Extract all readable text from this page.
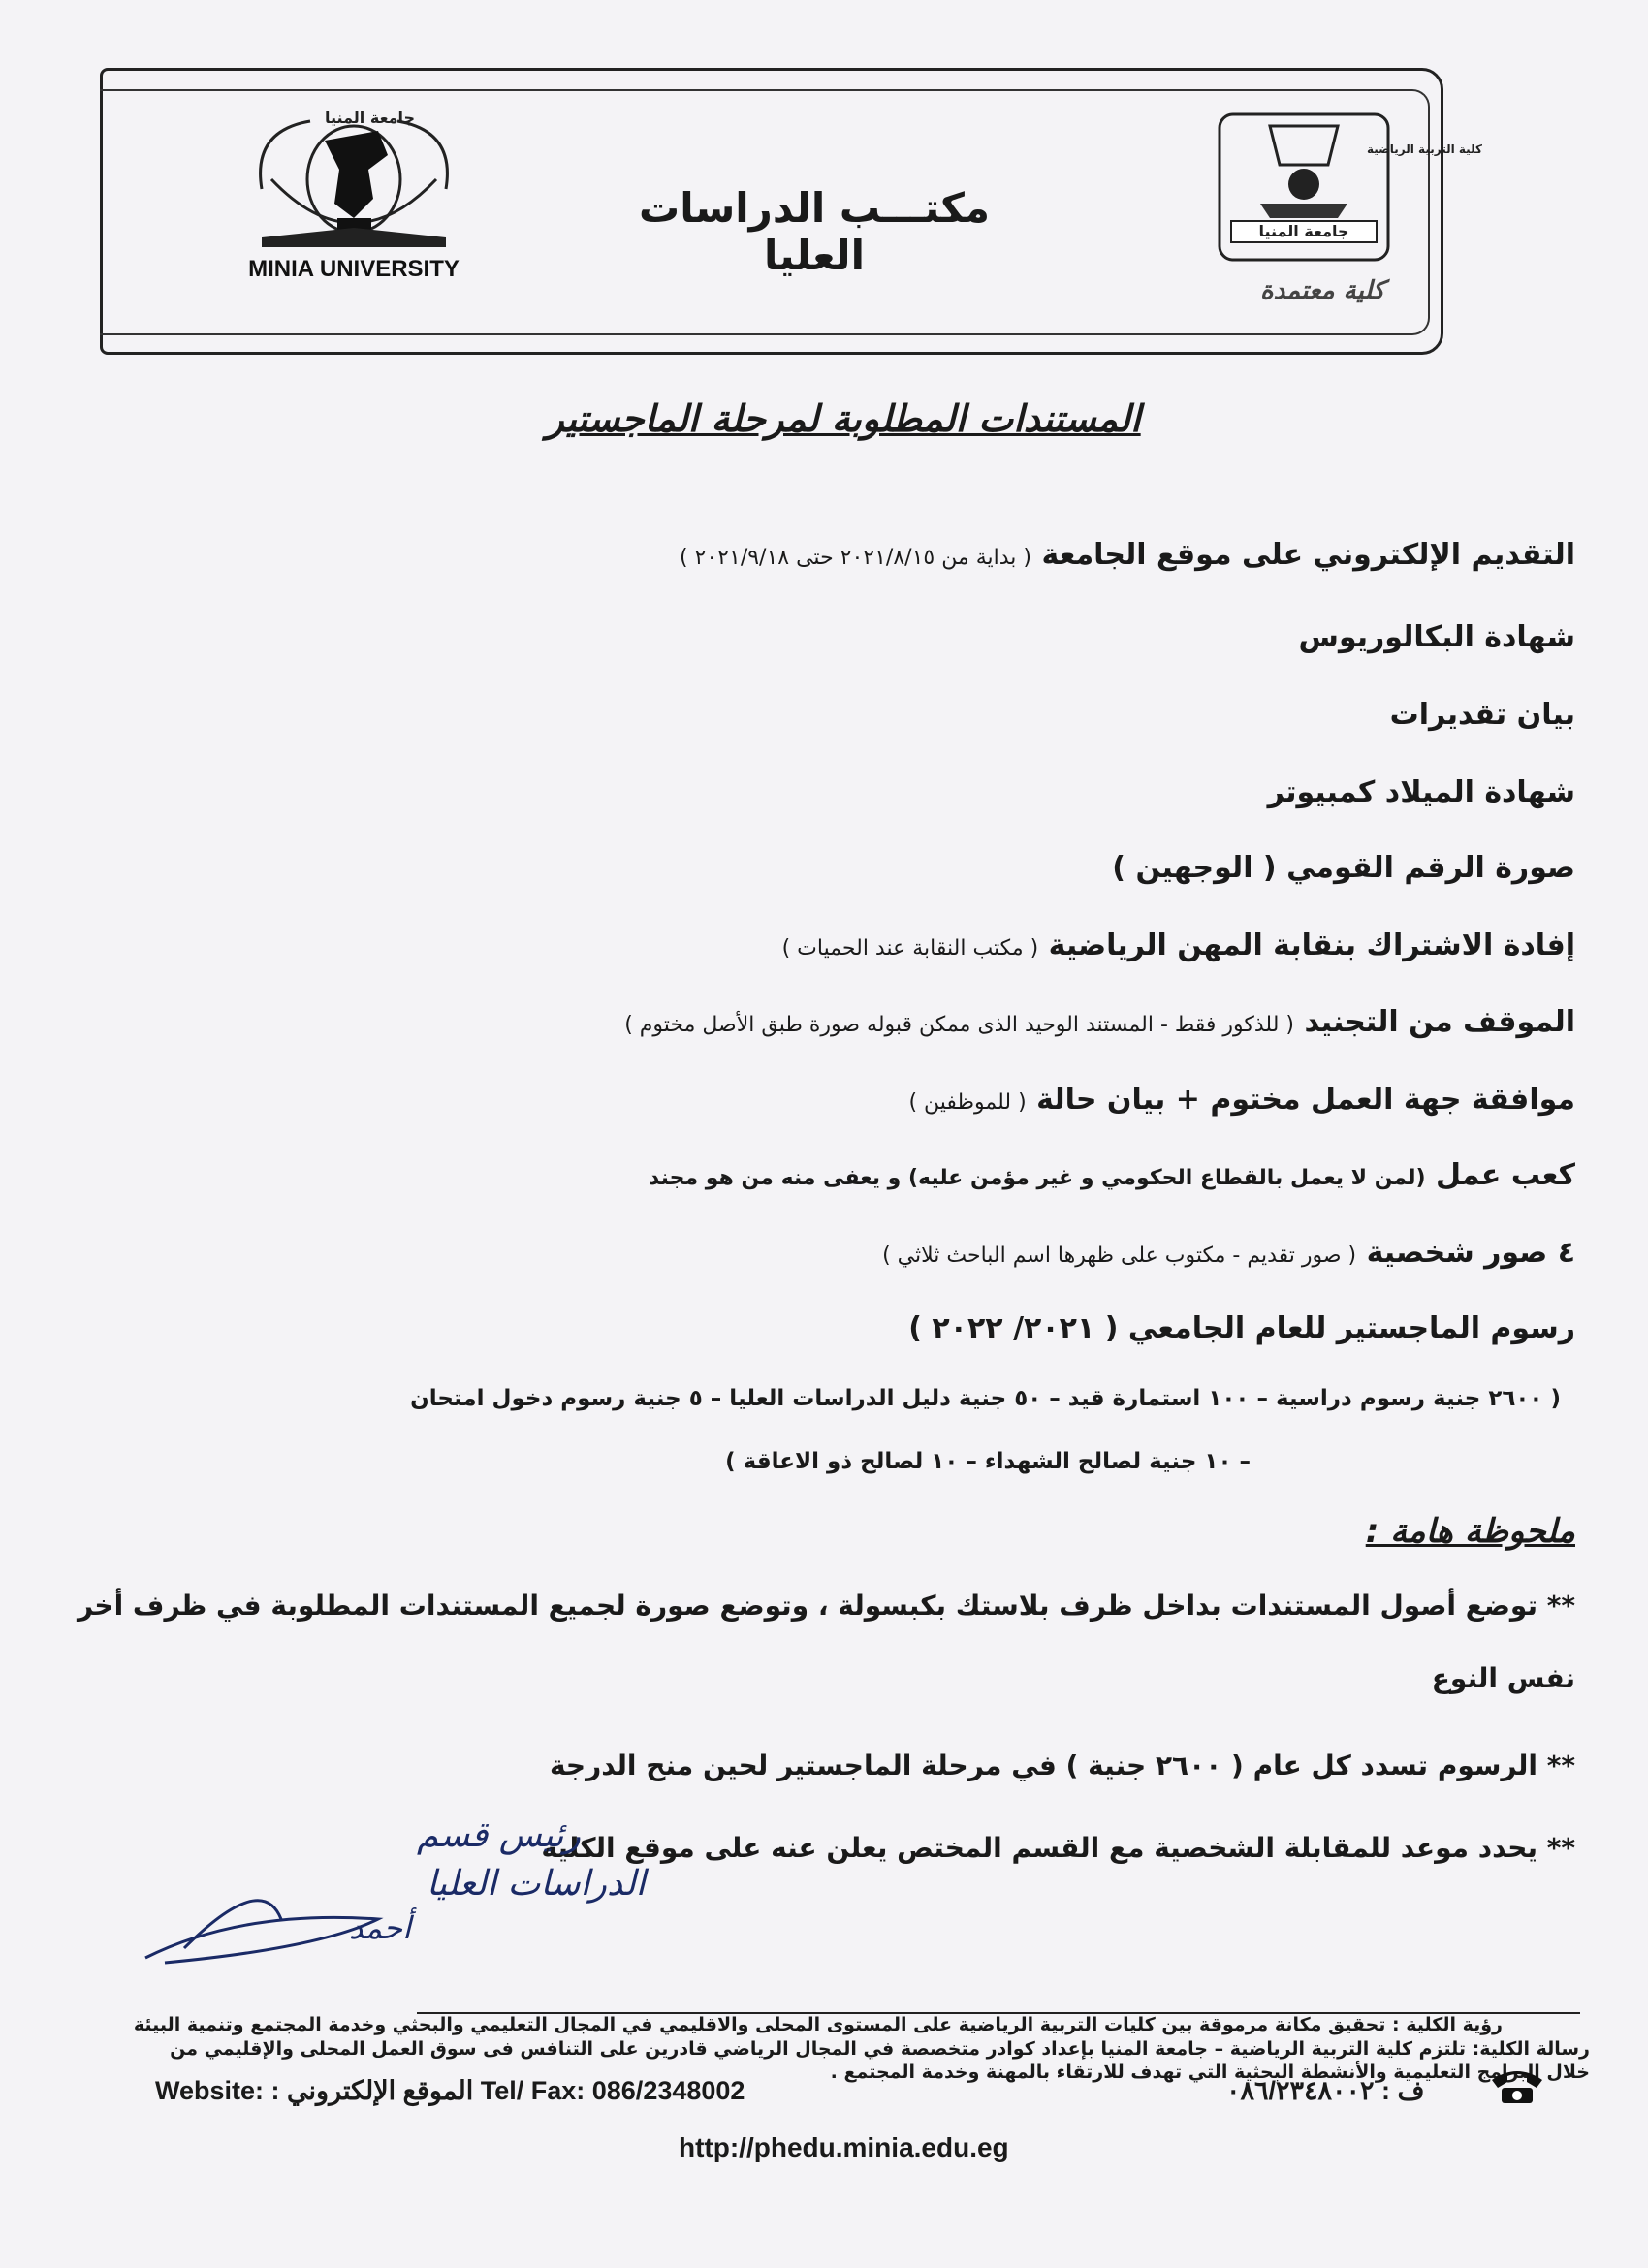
جامعة المنيا
MINIA UNIVERSITY
مكتـــب الدراسات العليا
جامعة المنيا
كلية التربية الرياضية
كلية معتمدة
المستندات المطلوبة لمرحلة الماجستير
التقديم الإلكتروني على موقع الجامعة ( بداية من ٢٠٢١/٨/١٥ حتى ٢٠٢١/٩/١٨ )
شهادة البكالوريوس
بيان تقديرات
شهادة الميلاد كمبيوتر
صورة الرقم القومي ( الوجهين )
إفادة الاشتراك بنقابة المهن الرياضية ( مكتب النقابة عند الحميات )
الموقف من التجنيد ( للذكور فقط - المستند الوحيد الذى ممكن قبوله صورة طبق الأصل مختوم )
موافقة جهة العمل مختوم + بيان حالة ( للموظفين )
كعب عمل (لمن لا يعمل بالقطاع الحكومي و غير مؤمن عليه) و يعفى منه من هو مجند
٤ صور شخصية ( صور تقديم - مكتوب على ظهرها اسم الباحث ثلاثي )
رسوم الماجستير للعام الجامعي ( ٢٠٢١/ ٢٠٢٢ )
( ٢٦٠٠ جنية رسوم دراسية – ١٠٠ استمارة قيد – ٥٠ جنية دليل الدراسات العليا – ٥ جنية رسوم دخول امتحان
– ١٠ جنية لصالح الشهداء – ١٠ لصالح ذو الاعاقة )
ملحوظة هامة :
** توضع أصول المستندات بداخل ظرف بلاستك بكبسولة ، وتوضع صورة لجميع المستندات المطلوبة في ظرف أخر
نفس النوع
** الرسوم تسدد كل عام ( ٢٦٠٠ جنية ) في مرحلة الماجستير لحين منح الدرجة
** يحدد موعد للمقابلة الشخصية مع القسم المختص يعلن عنه على موقع الكلية
رئيس قسم
الدراسات العليا
أحمد
رؤية الكلية : تحقيق مكانة مرموقة بين كليات التربية الرياضية على المستوى المحلى والاقليمي في المجال التعليمي والبحثي وخدمة المجتمع وتنمية البيئة
رسالة الكلية: تلتزم كلية التربية الرياضية – جامعة المنيا بإعداد كوادر متخصصة في المجال الرياضي قادرين على التنافس فى سوق العمل المحلى والإقليمي من
خلال البرامج التعليمية والأنشطة البحثية التي تهدف للارتقاء بالمهنة وخدمة المجتمع .
Website: : الموقع الإلكتروني Tel/ Fax: 086/2348002	ف : ٠٨٦/٢٣٤٨٠٠٢
http://phedu.minia.edu.eg
